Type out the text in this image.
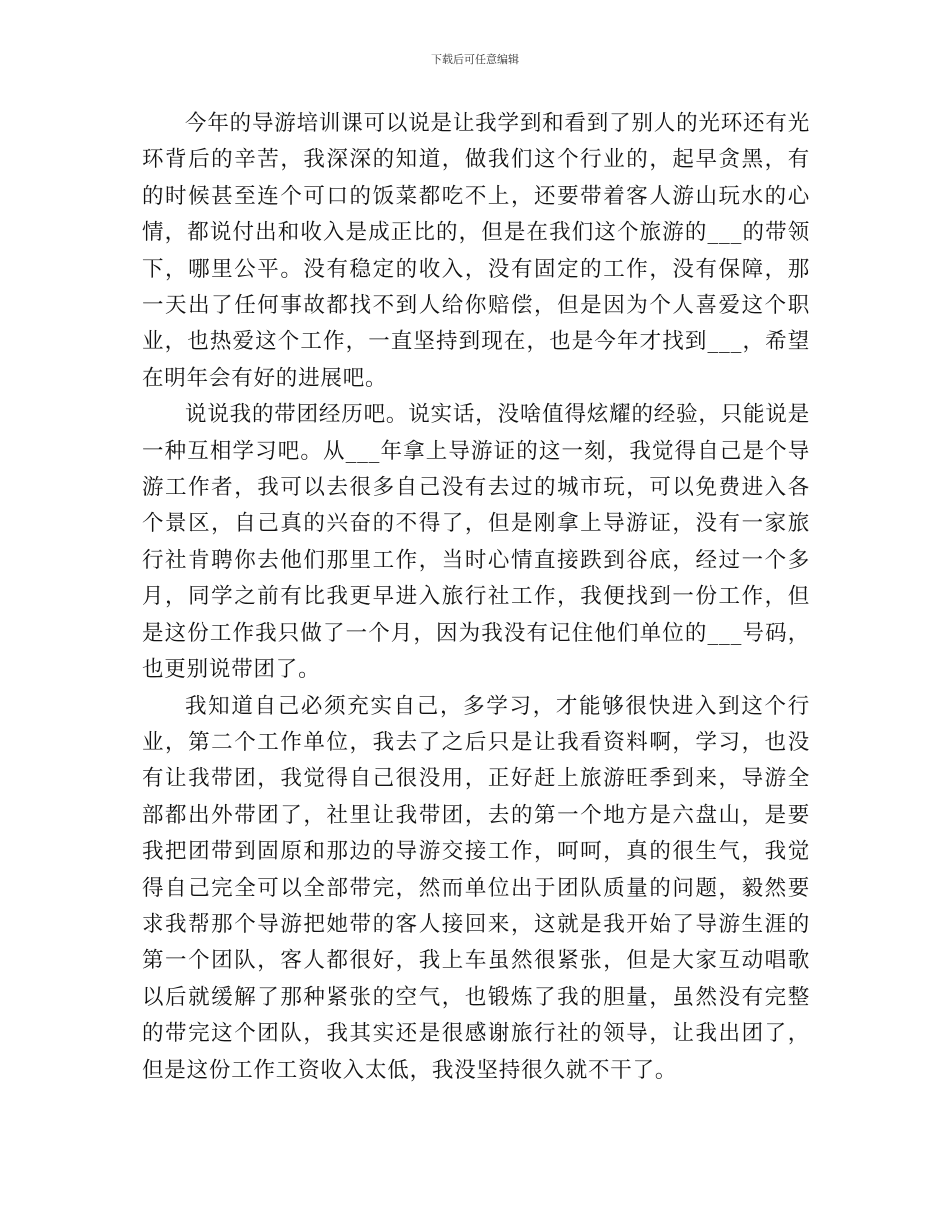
下载后可任意编辑

今年的导游培训课可以说是让我学到和看到了别人的光环还有光环背后的辛苦，我深深的知道，做我们这个行业的，起早贪黑，有的时候甚至连个可口的饭菜都吃不上，还要带着客人游山玩水的心情，都说付出和收入是成正比的，但是在我们这个旅游的___的带领下，哪里公平。没有稳定的收入，没有固定的工作，没有保障，那一天出了任何事故都找不到人给你赔偿，但是因为个人喜爱这个职业，也热爱这个工作，一直坚持到现在，也是今年才找到___，希望在明年会有好的进展吧。

说说我的带团经历吧。说实话，没啥值得炫耀的经验，只能说是一种互相学习吧。从___年拿上导游证的这一刻，我觉得自己是个导游工作者，我可以去很多自己没有去过的城市玩，可以免费进入各个景区，自己真的兴奋的不得了，但是刚拿上导游证，没有一家旅行社肯聘你去他们那里工作，当时心情直接跌到谷底，经过一个多月，同学之前有比我更早进入旅行社工作，我便找到一份工作，但是这份工作我只做了一个月，因为我没有记住他们单位的___号码，也更别说带团了。

我知道自己必须充实自己，多学习，才能够很快进入到这个行业，第二个工作单位，我去了之后只是让我看资料啊，学习，也没有让我带团，我觉得自己很没用，正好赶上旅游旺季到来，导游全部都出外带团了，社里让我带团，去的第一个地方是六盘山，是要我把团带到固原和那边的导游交接工作，呵呵，真的很生气，我觉得自己完全可以全部带完，然而单位出于团队质量的问题，毅然要求我帮那个导游把她带的客人接回来，这就是我开始了导游生涯的第一个团队，客人都很好，我上车虽然很紧张，但是大家互动唱歌以后就缓解了那种紧张的空气，也锻炼了我的胆量，虽然没有完整的带完这个团队，我其实还是很感谢旅行社的领导，让我出团了，但是这份工作工资收入太低，我没坚持很久就不干了。
